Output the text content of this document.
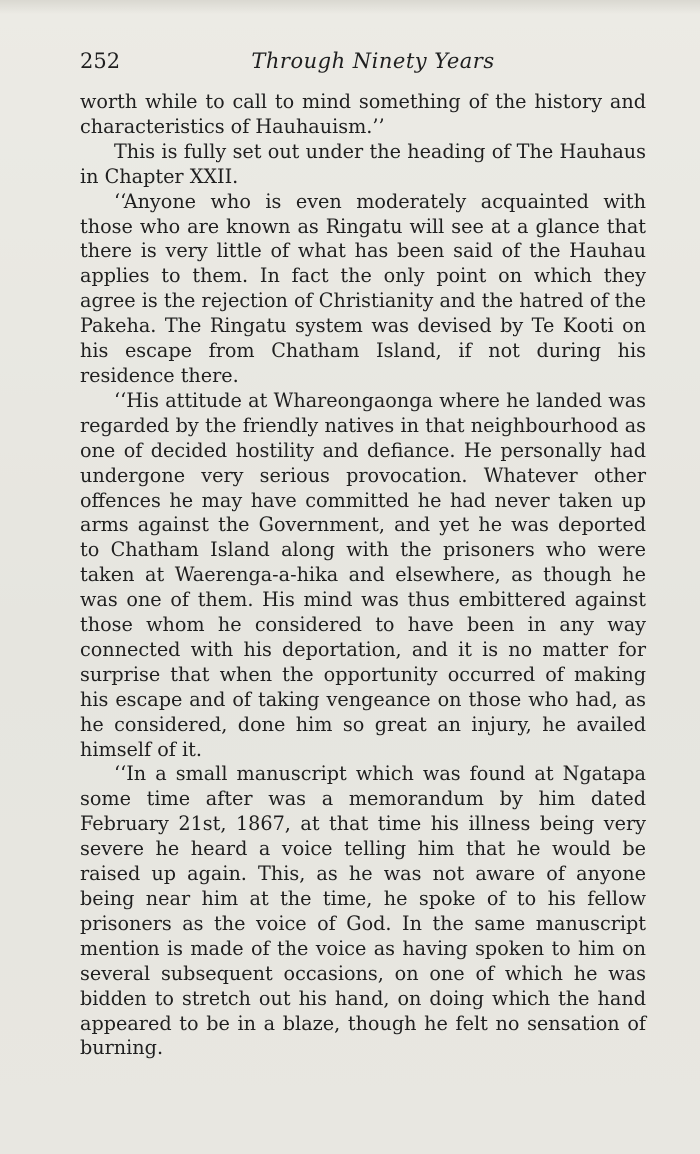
252	Through Ninety Years

worth while to call to mind something of the history and characteristics of Hauhauism.’’

This is fully set out under the heading of The Hauhaus in Chapter XXII.

‘‘Anyone who is even moderately acquainted with those who are known as Ringatu will see at a glance that there is very little of what has been said of the Hauhau applies to them. In fact the only point on which they agree is the rejection of Christianity and the hatred of the Pakeha. The Ringatu system was devised by Te Kooti on his escape from Chatham Island, if not during his residence there.

‘‘His attitude at Whareongaonga where he landed was regarded by the friendly natives in that neighbourhood as one of decided hostility and defiance. He personally had undergone very serious provocation. Whatever other offences he may have committed he had never taken up arms against the Government, and yet he was deported to Chatham Island along with the prisoners who were taken at Waerenga-a-hika and elsewhere, as though he was one of them. His mind was thus embittered against those whom he considered to have been in any way connected with his deportation, and it is no matter for surprise that when the opportunity occurred of making his escape and of taking vengeance on those who had, as he considered, done him so great an injury, he availed himself of it.

‘‘In a small manuscript which was found at Ngatapa some time after was a memorandum by him dated February 21st, 1867, at that time his illness being very severe he heard a voice telling him that he would be raised up again. This, as he was not aware of anyone being near him at the time, he spoke of to his fellow prisoners as the voice of God. In the same manuscript mention is made of the voice as having spoken to him on several subsequent occasions, on one of which he was bidden to stretch out his hand, on doing which the hand appeared to be in a blaze, though he felt no sensation of burning.
